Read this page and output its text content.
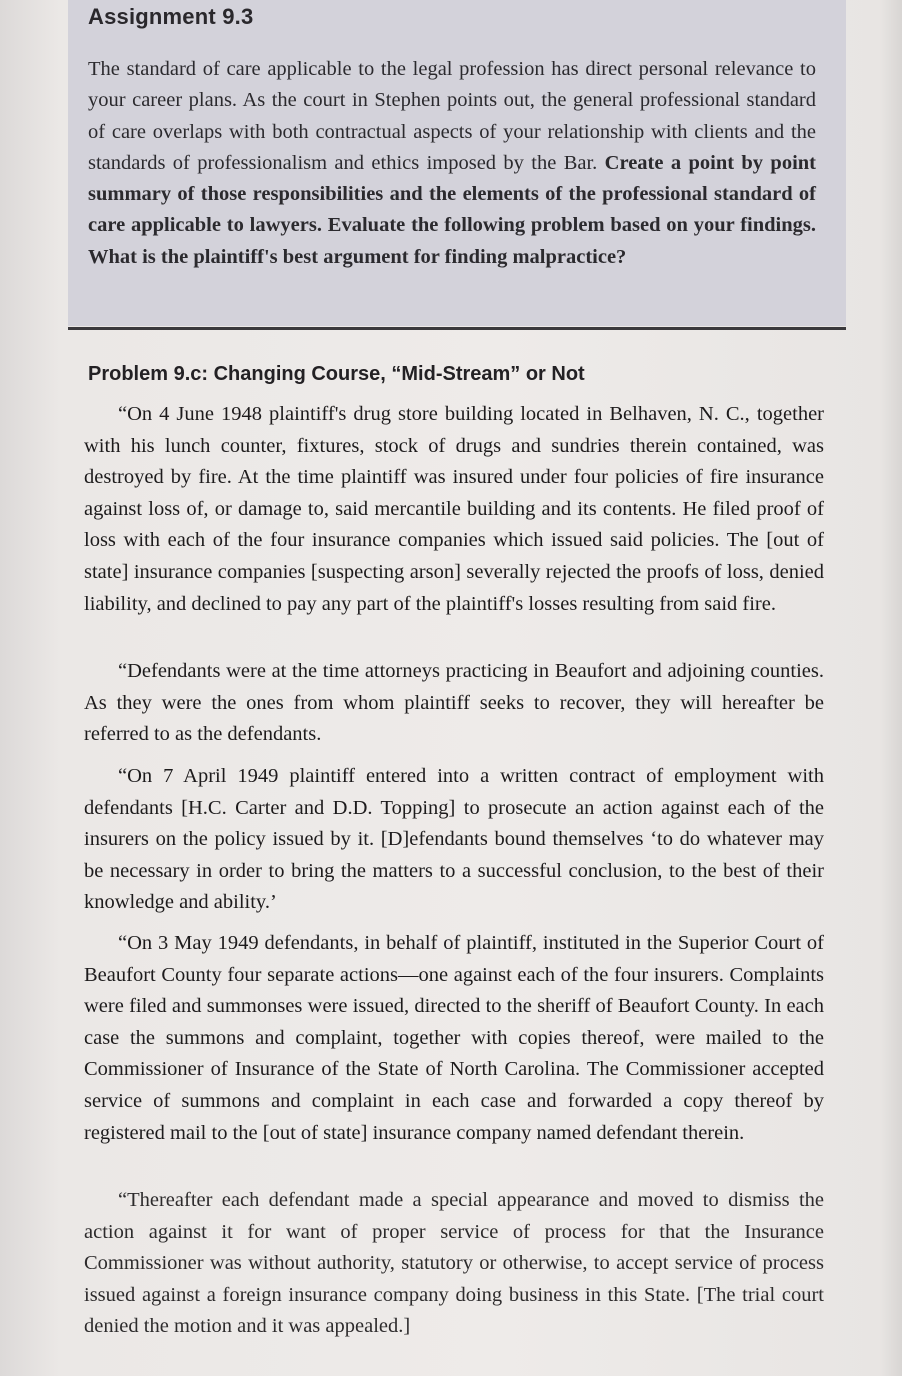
Assignment 9.3
The standard of care applicable to the legal profession has direct personal relevance to your career plans. As the court in Stephen points out, the general professional standard of care overlaps with both contractual aspects of your relationship with clients and the standards of professionalism and ethics imposed by the Bar. Create a point by point summary of those responsibilities and the elements of the professional standard of care applicable to lawyers. Evaluate the following problem based on your findings. What is the plaintiff's best argument for finding malpractice?
Problem 9.c: Changing Course, “Mid-Stream” or Not

“On 4 June 1948 plaintiff's drug store building located in Belhaven, N. C., together with his lunch counter, fixtures, stock of drugs and sundries therein contained, was destroyed by fire. At the time plaintiff was insured under four policies of fire insurance against loss of, or damage to, said mercantile building and its contents. He filed proof of loss with each of the four insurance companies which issued said policies. The [out of state] insurance companies [suspecting arson] severally rejected the proofs of loss, denied liability, and declined to pay any part of the plaintiff's losses resulting from said fire.

“Defendants were at the time attorneys practicing in Beaufort and adjoining counties. As they were the ones from whom plaintiff seeks to recover, they will hereafter be referred to as the defendants.

“On 7 April 1949 plaintiff entered into a written contract of employment with defendants [H.C. Carter and D.D. Topping] to prosecute an action against each of the insurers on the policy issued by it. [D]efendants bound themselves ‘to do whatever may be necessary in order to bring the matters to a successful conclusion, to the best of their knowledge and ability.’

“On 3 May 1949 defendants, in behalf of plaintiff, instituted in the Superior Court of Beaufort County four separate actions—one against each of the four insurers. Complaints were filed and summonses were issued, directed to the sheriff of Beaufort County. In each case the summons and complaint, together with copies thereof, were mailed to the Commissioner of Insurance of the State of North Carolina. The Commissioner accepted service of summons and complaint in each case and forwarded a copy thereof by registered mail to the [out of state] insurance company named defendant therein.

“Thereafter each defendant made a special appearance and moved to dismiss the action against it for want of proper service of process for that the Insurance Commissioner was without authority, statutory or otherwise, to accept service of process issued against a foreign insurance company doing business in this State. [The trial court denied the motion and it was appealed.]
